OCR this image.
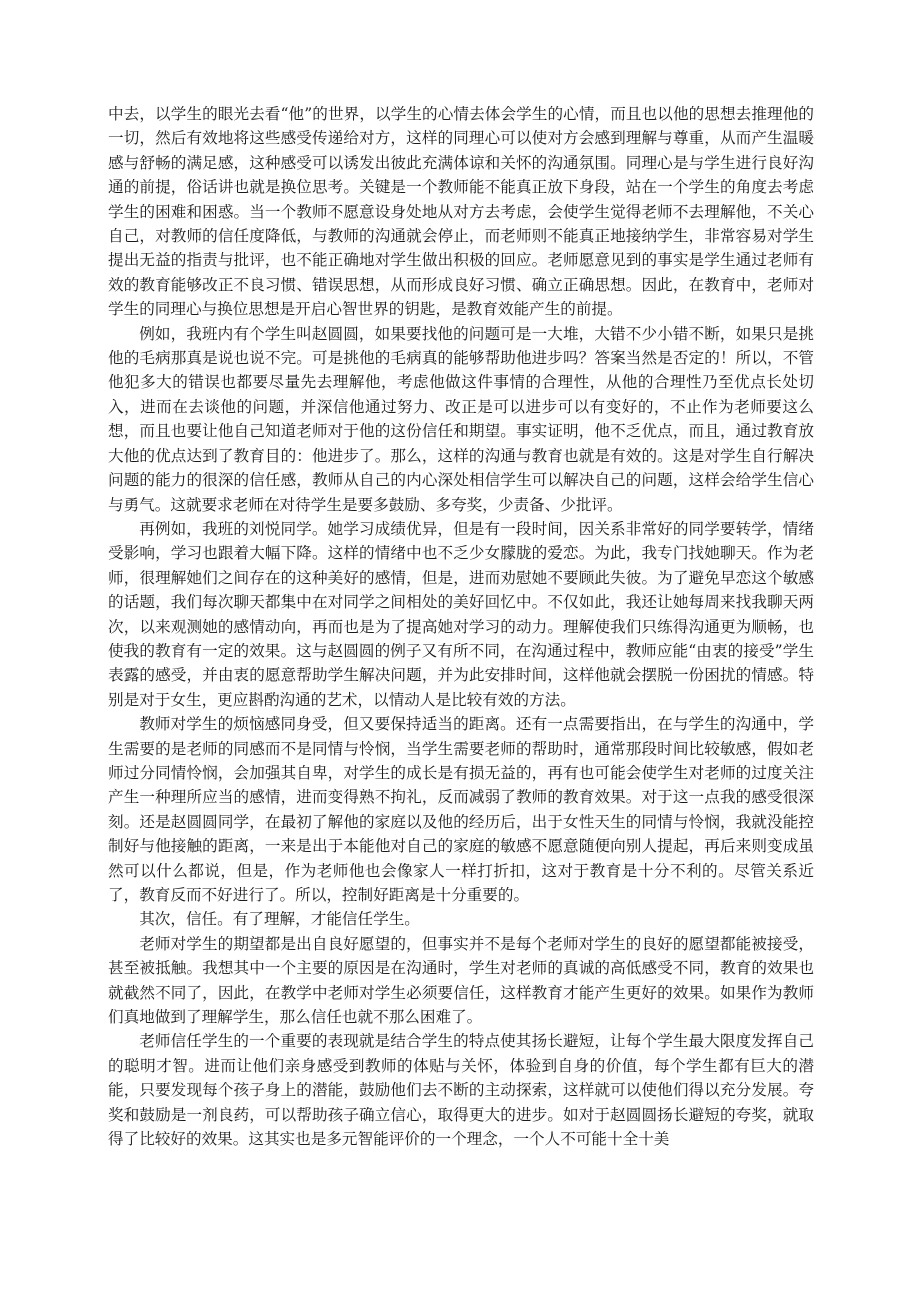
中去，以学生的眼光去看“他”的世界，以学生的心情去体会学生的心情，而且也以他的思想去推理他的一切，然后有效地将这些感受传递给对方，这样的同理心可以使对方会感到理解与尊重，从而产生温暖感与舒畅的满足感，这种感受可以诱发出彼此充满体谅和关怀的沟通氛围。同理心是与学生进行良好沟通的前提，俗话讲也就是换位思考。关键是一个教师能不能真正放下身段，站在一个学生的角度去考虑学生的困难和困惑。当一个教师不愿意设身处地从对方去考虑，会使学生觉得老师不去理解他，不关心自己，对教师的信任度降低，与教师的沟通就会停止，而老师则不能真正地接纳学生，非常容易对学生提出无益的指责与批评，也不能正确地对学生做出积极的回应。老师愿意见到的事实是学生通过老师有效的教育能够改正不良习惯、错误思想，从而形成良好习惯、确立正确思想。因此，在教育中，老师对学生的同理心与换位思想是开启心智世界的钥匙，是教育效能产生的前提。

例如，我班内有个学生叫赵圆圆，如果要找他的问题可是一大堆，大错不少小错不断，如果只是挑他的毛病那真是说也说不完。可是挑他的毛病真的能够帮助他进步吗？答案当然是否定的！所以，不管他犯多大的错误也都要尽量先去理解他，考虑他做这件事情的合理性，从他的合理性乃至优点长处切入，进而在去谈他的问题，并深信他通过努力、改正是可以进步可以有变好的，不止作为老师要这么想，而且也要让他自己知道老师对于他的这份信任和期望。事实证明，他不乏优点，而且，通过教育放大他的优点达到了教育目的：他进步了。那么，这样的沟通与教育也就是有效的。这是对学生自行解决问题的能力的很深的信任感，教师从自己的内心深处相信学生可以解决自己的问题，这样会给学生信心与勇气。这就要求老师在对待学生是要多鼓励、多夸奖，少责备、少批评。

再例如，我班的刘悦同学。她学习成绩优异，但是有一段时间，因关系非常好的同学要转学，情绪受影响，学习也跟着大幅下降。这样的情绪中也不乏少女朦胧的爱恋。为此，我专门找她聊天。作为老师，很理解她们之间存在的这种美好的感情，但是，进而劝慰她不要顾此失彼。为了避免早恋这个敏感的话题，我们每次聊天都集中在对同学之间相处的美好回忆中。不仅如此，我还让她每周来找我聊天两次，以来观测她的感情动向，再而也是为了提高她对学习的动力。理解使我们只练得沟通更为顺畅，也使我的教育有一定的效果。这与赵圆圆的例子又有所不同，在沟通过程中，教师应能“由衷的接受”学生表露的感受，并由衷的愿意帮助学生解决问题，并为此安排时间，这样他就会摆脱一份困扰的情感。特别是对于女生，更应斟酌沟通的艺术，以情动人是比较有效的方法。

教师对学生的烦恼感同身受，但又要保持适当的距离。还有一点需要指出，在与学生的沟通中，学生需要的是老师的同感而不是同情与怜悯，当学生需要老师的帮助时，通常那段时间比较敏感，假如老师过分同情怜悯，会加强其自卑，对学生的成长是有损无益的，再有也可能会使学生对老师的过度关注产生一种理所应当的感情，进而变得熟不拘礼，反而减弱了教师的教育效果。对于这一点我的感受很深刻。还是赵圆圆同学，在最初了解他的家庭以及他的经历后，出于女性天生的同情与怜悯，我就没能控制好与他接触的距离，一来是出于本能他对自己的家庭的敏感不愿意随便向别人提起，再后来则变成虽然可以什么都说，但是，作为老师他也会像家人一样打折扣，这对于教育是十分不利的。尽管关系近了，教育反而不好进行了。所以，控制好距离是十分重要的。

其次，信任。有了理解，才能信任学生。

老师对学生的期望都是出自良好愿望的，但事实并不是每个老师对学生的良好的愿望都能被接受，甚至被抵触。我想其中一个主要的原因是在沟通时，学生对老师的真诚的高低感受不同，教育的效果也就截然不同了，因此，在教学中老师对学生必须要信任，这样教育才能产生更好的效果。如果作为教师们真地做到了理解学生，那么信任也就不那么困难了。

老师信任学生的一个重要的表现就是结合学生的特点使其扬长避短，让每个学生最大限度发挥自己的聪明才智。进而让他们亲身感受到教师的体贴与关怀，体验到自身的价值，每个学生都有巨大的潜能，只要发现每个孩子身上的潜能，鼓励他们去不断的主动探索，这样就可以使他们得以充分发展。夸奖和鼓励是一剂良药，可以帮助孩子确立信心，取得更大的进步。如对于赵圆圆扬长避短的夸奖，就取得了比较好的效果。这其实也是多元智能评价的一个理念，一个人不可能十全十美
